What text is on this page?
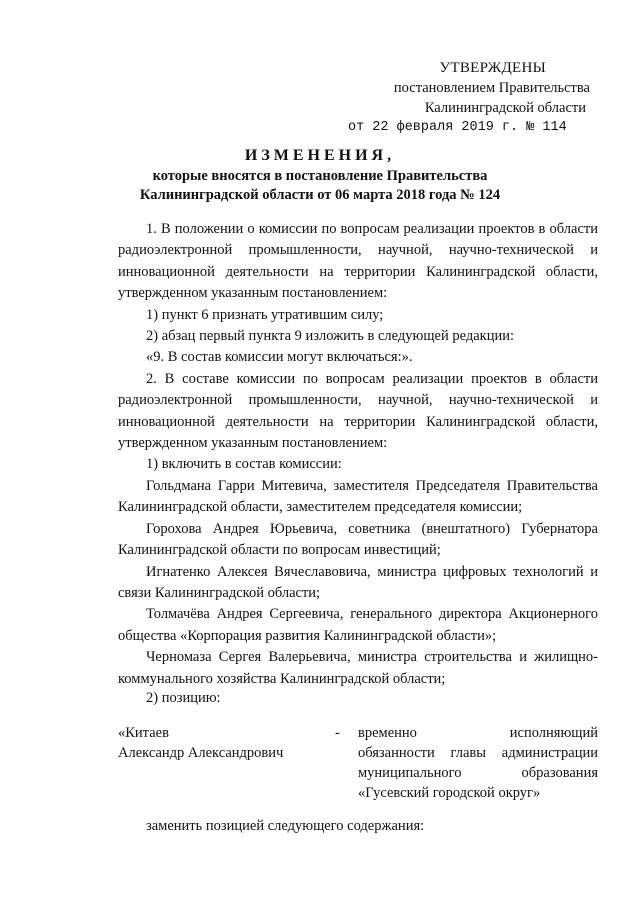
УТВЕРЖДЕНЫ
постановлением Правительства
Калининградской области
от 22 февраля 2019 г. № 114
ИЗМЕНЕНИЯ,
которые вносятся в постановление Правительства
Калининградской области от 06 марта 2018 года № 124

1. В положении о комиссии по вопросам реализации проектов в области радиоэлектронной промышленности, научной, научно-технической и инновационной деятельности на территории Калининградской области, утвержденном указанным постановлением:

1) пункт 6 признать утратившим силу;

2) абзац первый пункта 9 изложить в следующей редакции:

«9. В состав комиссии могут включаться:».

2. В составе комиссии по вопросам реализации проектов в области радиоэлектронной промышленности, научной, научно-технической и инновационной деятельности на территории Калининградской области, утвержденном указанным постановлением:

1) включить в состав комиссии:

Гольдмана Гарри Митевича, заместителя Председателя Правительства Калининградской области, заместителем председателя комиссии;

Горохова Андрея Юрьевича, советника (внештатного) Губернатора Калининградской области по вопросам инвестиций;

Игнатенко Алексея Вячеславовича, министра цифровых технологий и связи Калининградской области;

Толмачёва Андрея Сергеевича, генерального директора Акционерного общества «Корпорация развития Калининградской области»;

Черномаза Сергея Валерьевича, министра строительства и жилищно-коммунального хозяйства Калининградской области;

2) позицию:
«Китаев
Александр Александрович
- временно исполняющий
обязанности главы администрации
муниципального образования
«Гусевский городской округ»
заменить позицией следующего содержания:
